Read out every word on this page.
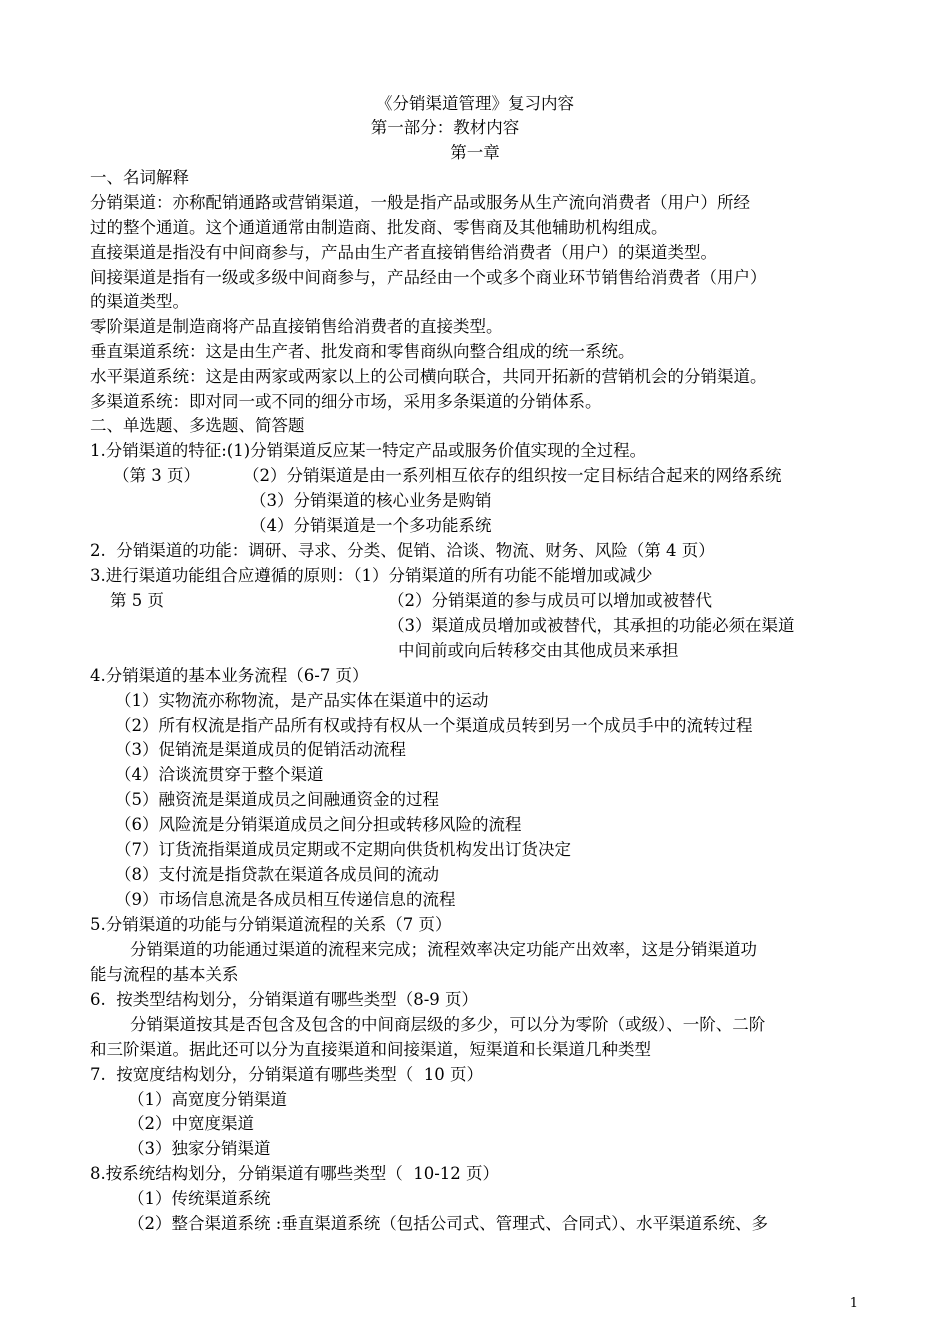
《分销渠道管理》复习内容
第一部分：教材内容
第一章
一、名词解释
分销渠道：亦称配销通路或营销渠道，一般是指产品或服务从生产流向消费者（用户）所经
过的整个通道。这个通道通常由制造商、批发商、零售商及其他辅助机构组成。
直接渠道是指没有中间商参与，产品由生产者直接销售给消费者（用户）的渠道类型。
间接渠道是指有一级或多级中间商参与，产品经由一个或多个商业环节销售给消费者（用户）
的渠道类型。
零阶渠道是制造商将产品直接销售给消费者的直接类型。
垂直渠道系统：这是由生产者、批发商和零售商纵向整合组成的统一系统。
水平渠道系统：这是由两家或两家以上的公司横向联合，共同开拓新的营销机会的分销渠道。
多渠道系统：即对同一或不同的细分市场，采用多条渠道的分销体系。
二、单选题、多选题、简答题
1.分销渠道的特征:(1)分销渠道反应某一特定产品或服务价值实现的全过程。
（第 3 页）	（2）分销渠道是由一系列相互依存的组织按一定目标结合起来的网络系统
（3）分销渠道的核心业务是购销
（4）分销渠道是一个多功能系统
2.  分销渠道的功能：调研、寻求、分类、促销、洽谈、物流、财务、风险（第 4 页）
3.进行渠道功能组合应遵循的原则：（1）分销渠道的所有功能不能增加或减少
第 5 页	（2）分销渠道的参与成员可以增加或被替代
（3）渠道成员增加或被替代，其承担的功能必须在渠道
中间前或向后转移交由其他成员来承担
4.分销渠道的基本业务流程（6-7 页）
（1）实物流亦称物流，是产品实体在渠道中的运动
（2）所有权流是指产品所有权或持有权从一个渠道成员转到另一个成员手中的流转过程
（3）促销流是渠道成员的促销活动流程
（4）洽谈流贯穿于整个渠道
（5）融资流是渠道成员之间融通资金的过程
（6）风险流是分销渠道成员之间分担或转移风险的流程
（7）订货流指渠道成员定期或不定期向供货机构发出订货决定
（8）支付流是指贷款在渠道各成员间的流动
（9）市场信息流是各成员相互传递信息的流程
5.分销渠道的功能与分销渠道流程的关系（7 页）
分销渠道的功能通过渠道的流程来完成；流程效率决定功能产出效率，这是分销渠道功
能与流程的基本关系
6.  按类型结构划分，分销渠道有哪些类型（8-9 页）
分销渠道按其是否包含及包含的中间商层级的多少，可以分为零阶（或级）、一阶、二阶
和三阶渠道。据此还可以分为直接渠道和间接渠道，短渠道和长渠道几种类型
7.  按宽度结构划分，分销渠道有哪些类型（  10 页）
（1）高宽度分销渠道
（2）中宽度渠道
（3）独家分销渠道
8.按系统结构划分，分销渠道有哪些类型（  10-12 页）
（1）传统渠道系统
（2）整合渠道系统 :垂直渠道系统（包括公司式、管理式、合同式）、水平渠道系统、多
1
